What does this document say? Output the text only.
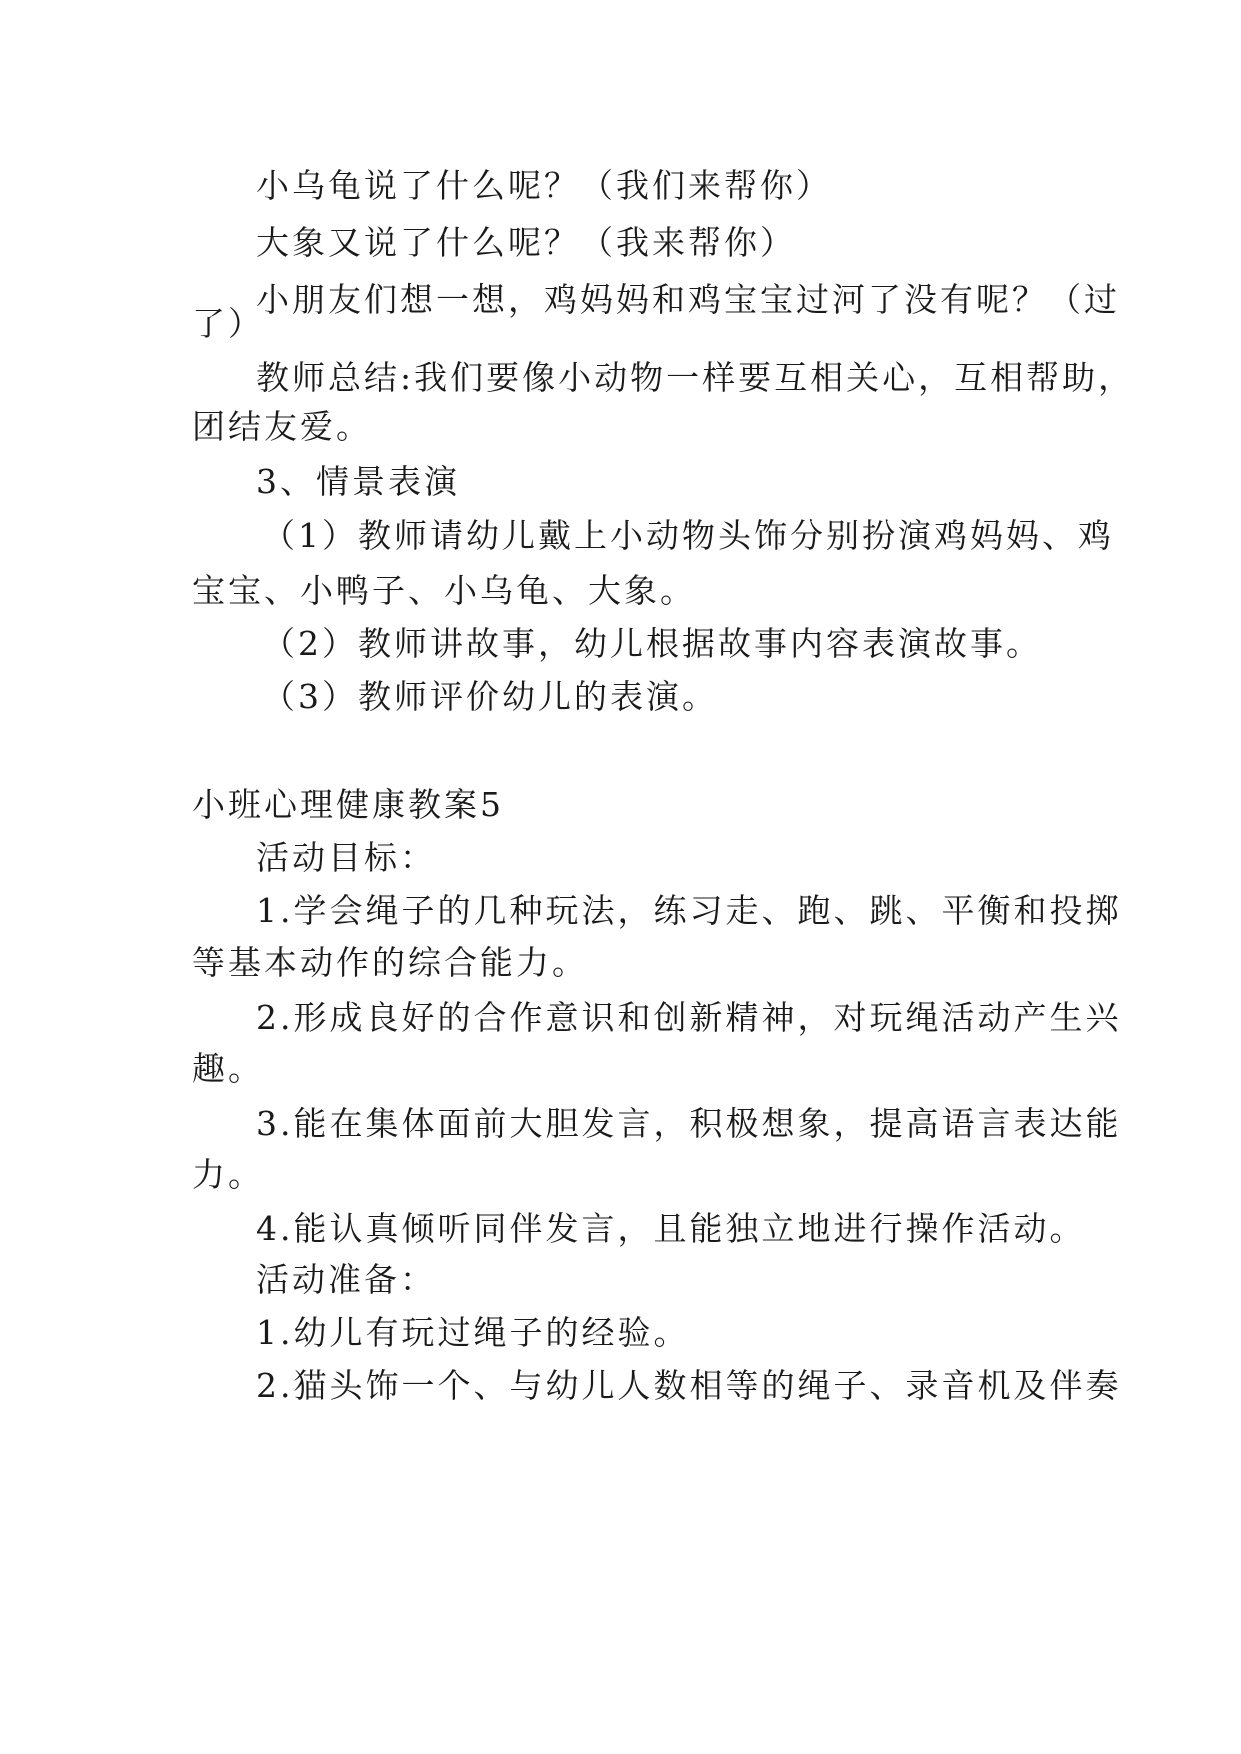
小乌龟说了什么呢？（我们来帮你）
大象又说了什么呢？（我来帮你）
小朋友们想一想，鸡妈妈和鸡宝宝过河了没有呢？（过
了）
教师总结:我们要像小动物一样要互相关心，互相帮助，
团结友爱。
3、情景表演
（1）教师请幼儿戴上小动物头饰分别扮演鸡妈妈、鸡
宝宝、小鸭子、小乌龟、大象。
（2）教师讲故事，幼儿根据故事内容表演故事。
（3）教师评价幼儿的表演。
小班心理健康教案5
活动目标：
1.学会绳子的几种玩法，练习走、跑、跳、平衡和投掷
等基本动作的综合能力。
2.形成良好的合作意识和创新精神，对玩绳活动产生兴
趣。
3.能在集体面前大胆发言，积极想象，提高语言表达能
力。
4.能认真倾听同伴发言，且能独立地进行操作活动。
活动准备：
1.幼儿有玩过绳子的经验。
2.猫头饰一个、与幼儿人数相等的绳子、录音机及伴奏
